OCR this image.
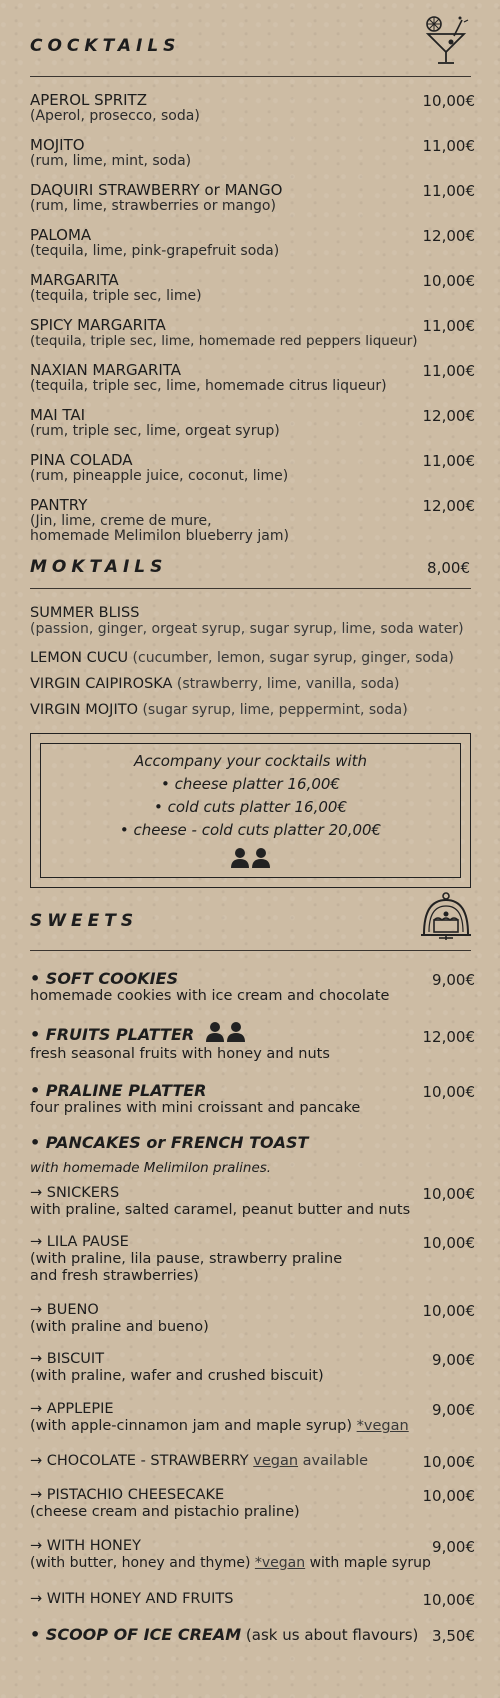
COCKTAILS
APEROL SPRITZ
(Aperol, prosecco, soda)
10,00€
MOJITO
(rum, lime, mint, soda)
11,00€
DAQUIRI STRAWBERRY or MANGO
(rum, lime, strawberries or mango)
11,00€
PALOMA
(tequila, lime, pink-grapefruit soda)
12,00€
MARGARITA
(tequila, triple sec, lime)
10,00€
SPICY MARGARITA
(tequila, triple sec, lime, homemade red peppers liqueur)
11,00€
NAXIAN MARGARITA
(tequila, triple sec, lime, homemade citrus liqueur)
11,00€
MAI TAI
(rum, triple sec, lime, orgeat syrup)
12,00€
PINA COLADA
(rum, pineapple juice, coconut, lime)
11,00€
PANTRY
(Jin, lime, creme de mure,
homemade Melimilon blueberry jam)
12,00€
MOKTAILS	8,00€
SUMMER BLISS
(passion, ginger, orgeat syrup, sugar syrup, lime, soda water)
LEMON CUCU (cucumber, lemon, sugar syrup, ginger, soda)
VIRGIN CAIPIROSKA (strawberry, lime, vanilla, soda)
VIRGIN MOJITO (sugar syrup, lime, peppermint, soda)
Accompany your cocktails with
• cheese platter 16,00€
• cold cuts platter 16,00€
• cheese - cold cuts platter 20,00€
SWEETS
• SOFT COOKIES
homemade cookies with ice cream and chocolate
9,00€
• FRUITS PLATTER
fresh seasonal fruits with honey and nuts
12,00€
• PRALINE PLATTER
four pralines with mini croissant and pancake
10,00€
• PANCAKES or FRENCH TOAST
with homemade Melimilon pralines.
→ SNICKERS
with praline, salted caramel, peanut butter and nuts
10,00€
→ LILA PAUSE
(with praline, lila pause, strawberry praline
and fresh strawberries)
10,00€
→ BUENO
(with praline and bueno)
10,00€
→ BISCUIT
(with praline, wafer and crushed biscuit)
9,00€
→ APPLEPIE
(with apple-cinnamon jam and maple syrup) *vegan
9,00€
→ CHOCOLATE - STRAWBERRY vegan available	10,00€
→ PISTACHIO CHEESECAKE
(cheese cream and pistachio praline)
10,00€
→ WITH HONEY
(with butter, honey and thyme) *vegan with maple syrup
9,00€
→ WITH HONEY AND FRUITS	10,00€
• SCOOP OF ICE CREAM (ask us about flavours) 3,50€
